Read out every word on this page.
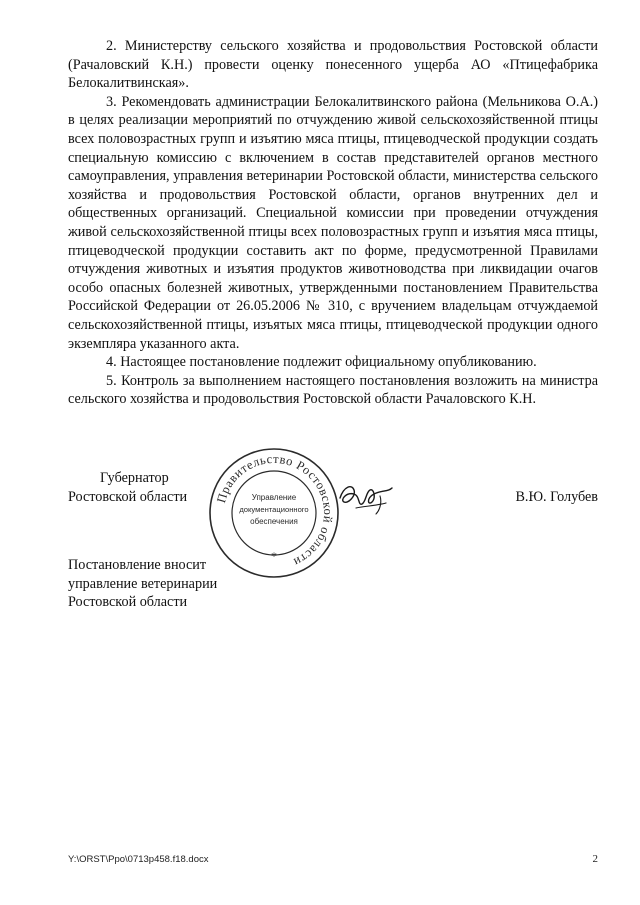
2. Министерству сельского хозяйства и продовольствия Ростовской области (Рачаловский К.Н.) провести оценку понесенного ущерба АО «Птицефабрика Белокалитвинская».

3. Рекомендовать администрации Белокалитвинского района (Мельникова О.А.) в целях реализации мероприятий по отчуждению живой сельскохозяйственной птицы всех половозрастных групп и изъятию мяса птицы, птицеводческой продукции создать специальную комиссию с включением в состав представителей органов местного самоуправления, управления ветеринарии Ростовской области, министерства сельского хозяйства и продовольствия Ростовской области, органов внутренних дел и общественных организаций. Специальной комиссии при проведении отчуждения живой сельскохозяйственной птицы всех половозрастных групп и изъятия мяса птицы, птицеводческой продукции составить акт по форме, предусмотренной Правилами отчуждения животных и изъятия продуктов животноводства при ликвидации очагов особо опасных болезней животных, утвержденными постановлением Правительства Российской Федерации от 26.05.2006 № 310, с вручением владельцам отчуждаемой сельскохозяйственной птицы, изъятых мяса птицы, птицеводческой продукции одного экземпляра указанного акта.

4. Настоящее постановление подлежит официальному опубликованию.

5. Контроль за выполнением настоящего постановления возложить на министра сельского хозяйства и продовольствия Ростовской области Рачаловского К.Н.

Губернатор
Ростовской области	В.Ю. Голубев
Правительство Ростовской области
Управление
документационного
обеспечения
*
Постановление вносит
управление ветеринарии
Ростовской области
Y:\ORST\Ppo\0713p458.f18.docx	2
